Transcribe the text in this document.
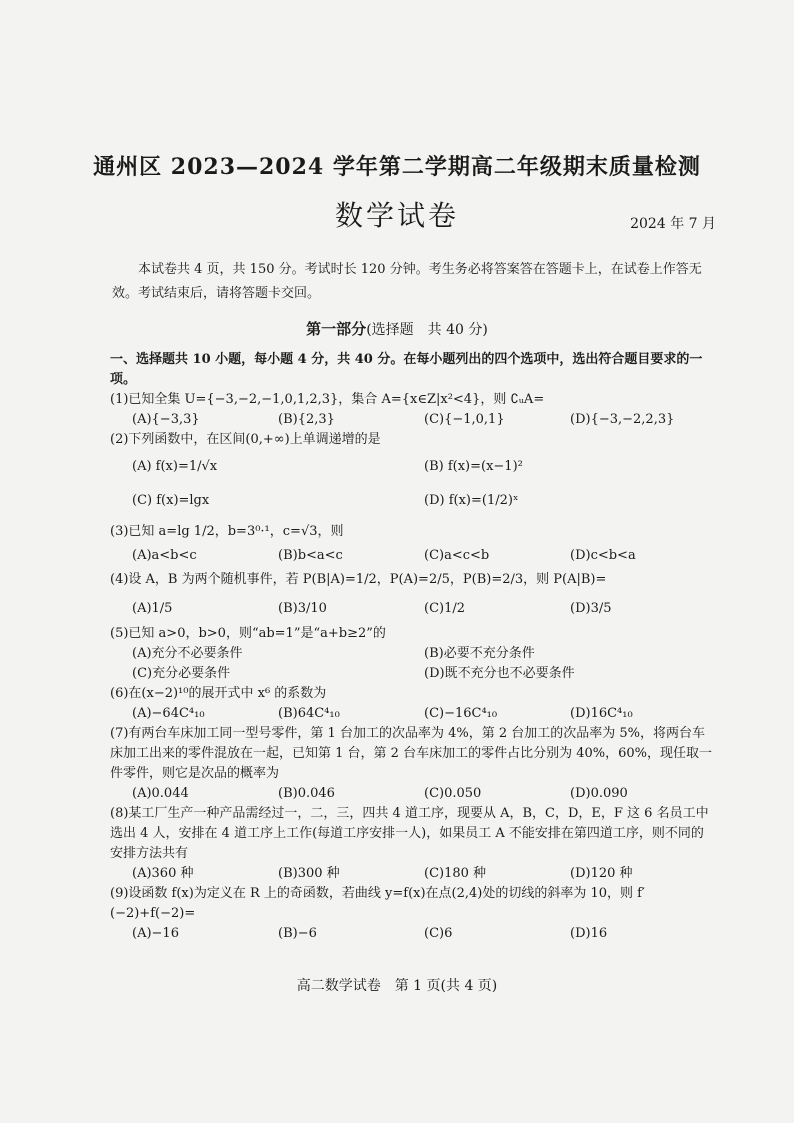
通州区 2023—2024 学年第二学期高二年级期末质量检测
数学试卷	2024 年 7 月

本试卷共 4 页，共 150 分。考试时长 120 分钟。考生务必将答案答在答题卡上，在试卷上作答无效。考试结束后，请将答题卡交回。

第一部分(选择题　共 40 分)

一、选择题共 10 小题，每小题 4 分，共 40 分。在每小题列出的四个选项中，选出符合题目要求的一项。

(1)已知全集 U={−3,−2,−1,0,1,2,3}，集合 A={x∈Z|x²<4}，则 ∁ᵤA=

(A){−3,3}	(B){2,3}	(C){−1,0,1}	(D){−3,−2,2,3}

(2)下列函数中，在区间(0,+∞)上单调递增的是

(A) f(x)=1/√x	(B) f(x)=(x−1)²
(C) f(x)=lgx	(D) f(x)=(1/2)ˣ

(3)已知 a=lg 1/2，b=3⁰·¹，c=√3，则

(A)a<b<c	(B)b<a<c	(C)a<c<b	(D)c<b<a

(4)设 A，B 为两个随机事件，若 P(B|A)=1/2，P(A)=2/5，P(B)=2/3，则 P(A|B)=

(A)1/5	(B)3/10	(C)1/2	(D)3/5

(5)已知 a>0，b>0，则“ab=1”是“a+b≥2”的

(A)充分不必要条件	(B)必要不充分条件
(C)充分必要条件	(D)既不充分也不必要条件

(6)在(x−2)¹⁰的展开式中 x⁶ 的系数为

(A)−64C⁴₁₀	(B)64C⁴₁₀	(C)−16C⁴₁₀	(D)16C⁴₁₀

(7)有两台车床加工同一型号零件，第 1 台加工的次品率为 4%，第 2 台加工的次品率为 5%，将两台车床加工出来的零件混放在一起，已知第 1 台，第 2 台车床加工的零件占比分别为 40%，60%，现任取一件零件，则它是次品的概率为

(A)0.044	(B)0.046	(C)0.050	(D)0.090

(8)某工厂生产一种产品需经过一，二，三，四共 4 道工序，现要从 A，B，C，D，E，F 这 6 名员工中选出 4 人，安排在 4 道工序上工作(每道工序安排一人)，如果员工 A 不能安排在第四道工序，则不同的安排方法共有

(A)360 种	(B)300 种	(C)180 种	(D)120 种

(9)设函数 f(x)为定义在 R 上的奇函数，若曲线 y=f(x)在点(2,4)处的切线的斜率为 10，则 f′(−2)+f(−2)=

(A)−16	(B)−6	(C)6	(D)16
高二数学试卷　第 1 页(共 4 页)
